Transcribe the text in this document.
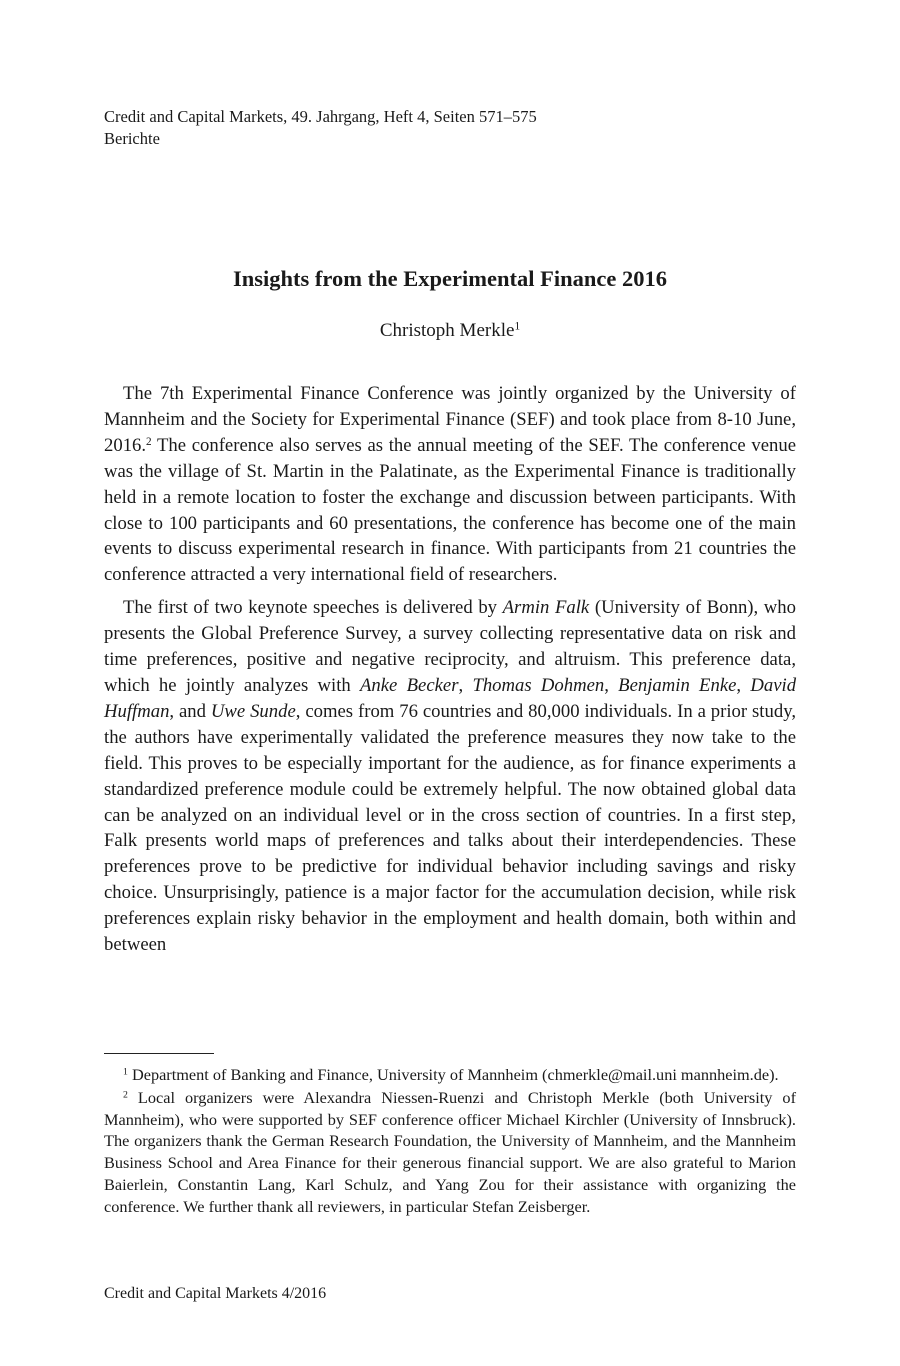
Credit and Capital Markets, 49. Jahrgang, Heft 4, Seiten 571–575
Berichte
Insights from the Experimental Finance 2016
Christoph Merkle$^1$

The 7th Experimental Finance Conference was jointly organized by the University of Mannheim and the Society for Experimental Finance (SEF) and took place from 8-10 June, 2016.$^2$ The conference also serves as the annual meeting of the SEF. The conference venue was the village of St. Martin in the Palatinate, as the Experimental Finance is traditionally held in a remote location to foster the exchange and discussion between participants. With close to 100 participants and 60 presentations, the conference has become one of the main events to discuss experimental research in finance. With participants from 21 countries the conference attracted a very international field of researchers.

The first of two keynote speeches is delivered by Armin Falk (University of Bonn), who presents the Global Preference Survey, a survey collecting representative data on risk and time preferences, positive and negative reciprocity, and altruism. This preference data, which he jointly analyzes with Anke Becker, Thomas Dohmen, Benjamin Enke, David Huffman, and Uwe Sunde, comes from 76 countries and 80,000 individuals. In a prior study, the authors have experimentally validated the preference measures they now take to the field. This proves to be especially important for the audience, as for finance experiments a standardized preference module could be extremely helpful. The now obtained global data can be analyzed on an individual level or in the cross section of countries. In a first step, Falk presents world maps of preferences and talks about their interdependencies. These preferences prove to be predictive for individual behavior including savings and risky choice. Unsurprisingly, patience is a major factor for the accumulation decision, while risk preferences explain risky behavior in the employment and health domain, both within and between

$^1$ Department of Banking and Finance, University of Mannheim (chmerkle@mail.uni mannheim.de).

$^2$ Local organizers were Alexandra Niessen-Ruenzi and Christoph Merkle (both University of Mannheim), who were supported by SEF conference officer Michael Kirchler (University of Innsbruck). The organizers thank the German Research Foundation, the University of Mannheim, and the Mannheim Business School and Area Finance for their generous financial support. We are also grateful to Marion Baierlein, Constantin Lang, Karl Schulz, and Yang Zou for their assistance with organizing the conference. We further thank all reviewers, in particular Stefan Zeisberger.

Credit and Capital Markets 4/2016
